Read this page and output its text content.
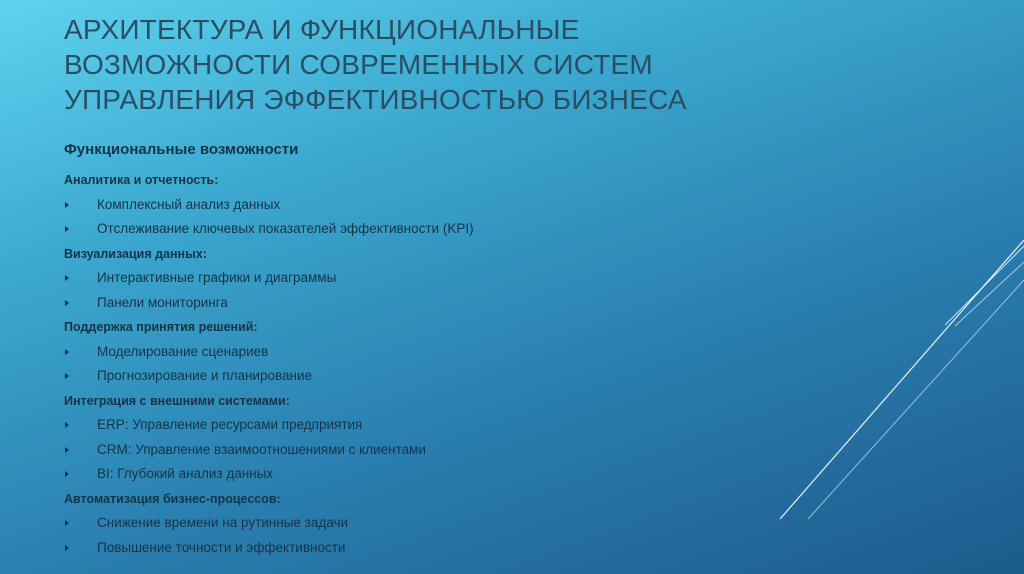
АРХИТЕКТУРА И ФУНКЦИОНАЛЬНЫЕ ВОЗМОЖНОСТИ СОВРЕМЕННЫХ СИСТЕМ УПРАВЛЕНИЯ ЭФФЕКТИВНОСТЬЮ БИЗНЕСА
Функциональные возможности
Аналитика и отчетность:
Комплексный анализ данных
Отслеживание ключевых показателей эффективности (KPI)
Визуализация данных:
Интерактивные графики и диаграммы
Панели мониторинга
Поддержка принятия решений:
Моделирование сценариев
Прогнозирование и планирование
Интеграция с внешними системами:
ERP: Управление ресурсами предприятия
CRM: Управление взаимоотношениями с клиентами
BI: Глубокий анализ данных
Автоматизация бизнес-процессов:
Снижение времени на рутинные задачи
Повышение точности и эффективности
